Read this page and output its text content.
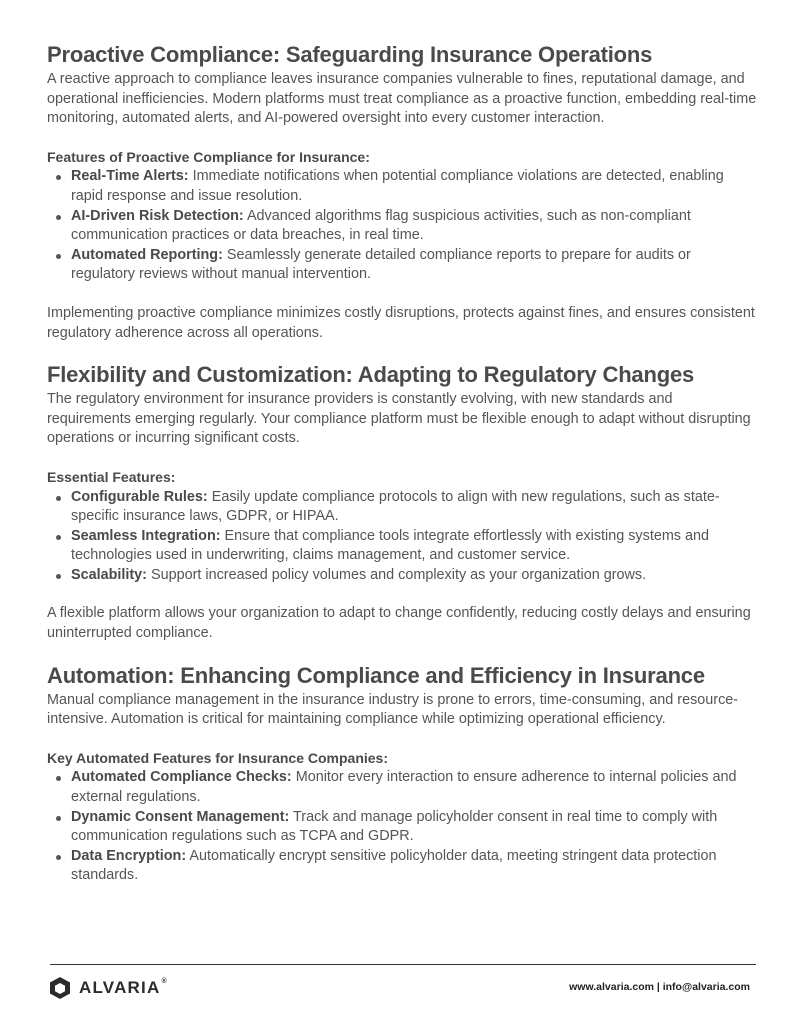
Proactive Compliance: Safeguarding Insurance Operations

A reactive approach to compliance leaves insurance companies vulnerable to fines, reputational damage, and operational inefficiencies. Modern platforms must treat compliance as a proactive function, embedding real-time monitoring, automated alerts, and AI-powered oversight into every customer interaction.

Features of Proactive Compliance for Insurance:
Real-Time Alerts: Immediate notifications when potential compliance violations are detected, enabling rapid response and issue resolution.
AI-Driven Risk Detection: Advanced algorithms flag suspicious activities, such as non-compliant communication practices or data breaches, in real time.
Automated Reporting: Seamlessly generate detailed compliance reports to prepare for audits or regulatory reviews without manual intervention.

Implementing proactive compliance minimizes costly disruptions, protects against fines, and ensures consistent regulatory adherence across all operations.

Flexibility and Customization: Adapting to Regulatory Changes

The regulatory environment for insurance providers is constantly evolving, with new standards and requirements emerging regularly. Your compliance platform must be flexible enough to adapt without disrupting operations or incurring significant costs.

Essential Features:
Configurable Rules: Easily update compliance protocols to align with new regulations, such as state-specific insurance laws, GDPR, or HIPAA.
Seamless Integration: Ensure that compliance tools integrate effortlessly with existing systems and technologies used in underwriting, claims management, and customer service.
Scalability: Support increased policy volumes and complexity as your organization grows.

A flexible platform allows your organization to adapt to change confidently, reducing costly delays and ensuring uninterrupted compliance.

Automation: Enhancing Compliance and Efficiency in Insurance

Manual compliance management in the insurance industry is prone to errors, time-consuming, and resource-intensive. Automation is critical for maintaining compliance while optimizing operational efficiency.

Key Automated Features for Insurance Companies:
Automated Compliance Checks: Monitor every interaction to ensure adherence to internal policies and external regulations.
Dynamic Consent Management: Track and manage policyholder consent in real time to comply with communication regulations such as TCPA and GDPR.
Data Encryption: Automatically encrypt sensitive policyholder data, meeting stringent data protection standards.
ALVARIA®	www.alvaria.com | info@alvaria.com
